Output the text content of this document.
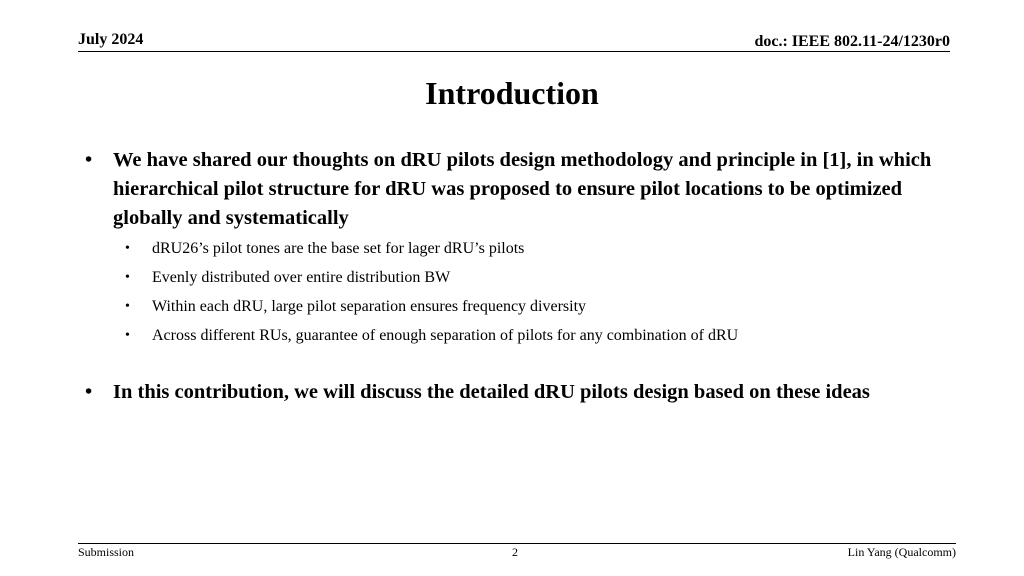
July 2024	doc.: IEEE 802.11-24/1230r0
Introduction
• We have shared our thoughts on dRU pilots design methodology and principle in [1], in which hierarchical pilot structure for dRU was proposed to ensure pilot locations to be optimized globally and systematically
• dRU26’s pilot tones are the base set for lager dRU’s pilots
• Evenly distributed over entire distribution BW
• Within each dRU, large pilot separation ensures frequency diversity
• Across different RUs, guarantee of enough separation of pilots for any combination of dRU
• In this contribution, we will discuss the detailed dRU pilots design based on these ideas
Submission	2	Lin Yang (Qualcomm)
